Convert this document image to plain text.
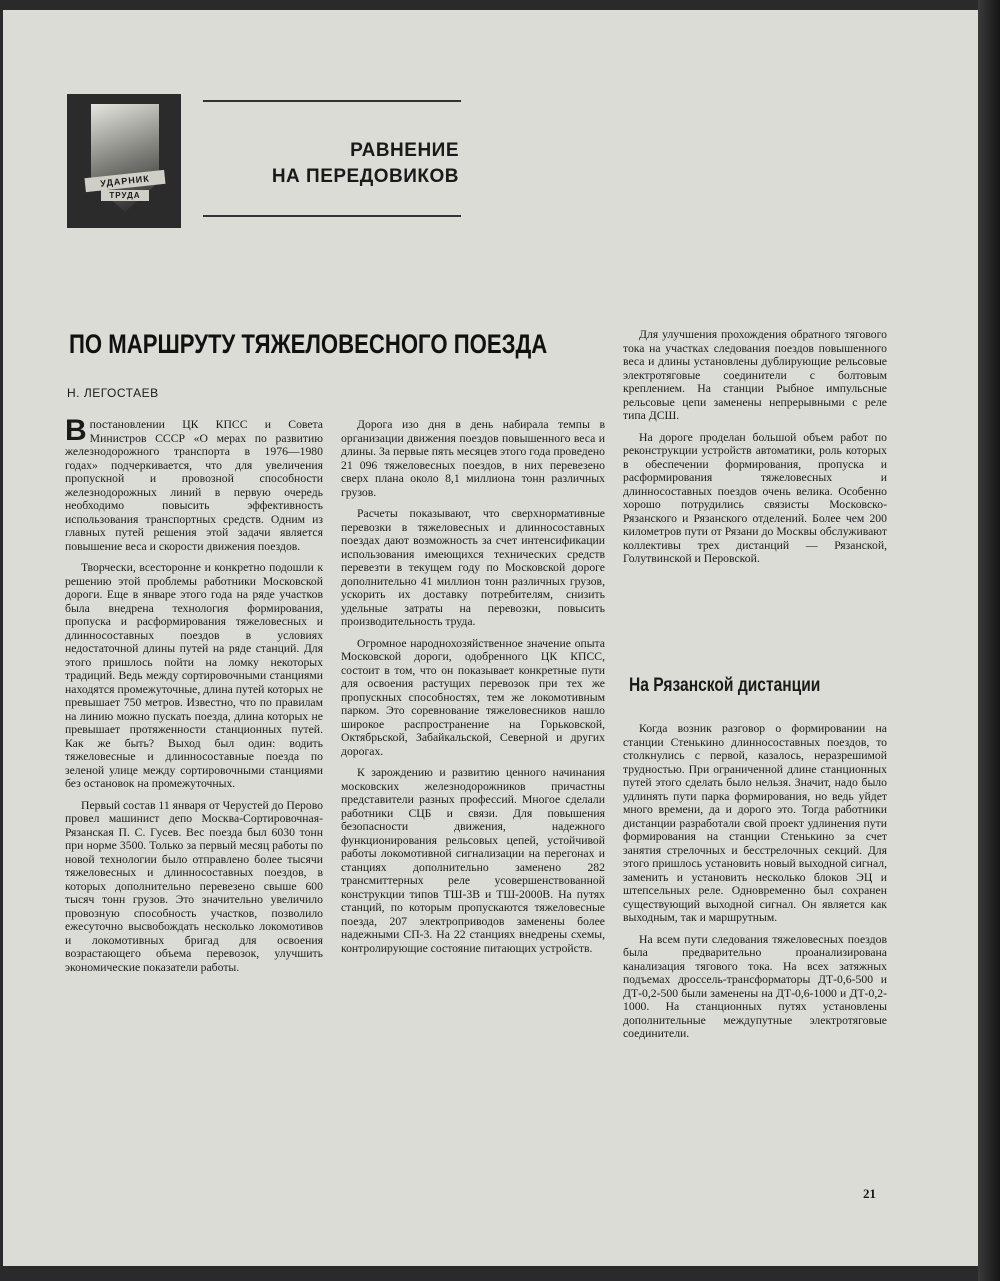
УДАРНИК
ТРУДА
РАВНЕНИЕ
НА ПЕРЕДОВИКОВ
ПО МАРШРУТУ ТЯЖЕЛОВЕСНОГО ПОЕЗДА
Н. ЛЕГОСТАЕВ

В постановлении ЦК КПСС и Совета Министров СССР «О мерах по развитию железнодорожного транспорта в 1976—1980 годах» подчеркивается, что для увеличения пропускной и провозной способности железнодорожных линий в первую очередь необходимо повысить эффективность использования транспортных средств. Одним из главных путей решения этой задачи является повышение веса и скорости движения поездов.

Творчески, всесторонне и конкретно подошли к решению этой проблемы работники Московской дороги. Еще в январе этого года на ряде участков была внедрена технология формирования, пропуска и расформирования тяжеловесных и длинносоставных поездов в условиях недостаточной длины путей на ряде станций. Для этого пришлось пойти на ломку некоторых традиций. Ведь между сортировочными станциями находятся промежуточные, длина путей которых не превышает 750 метров. Известно, что по правилам на линию можно пускать поезда, длина которых не превышает протяженности станционных путей. Как же быть? Выход был один: водить тяжеловесные и длинносоставные поезда по зеленой улице между сортировочными станциями без остановок на промежуточных.

Первый состав 11 января от Черустей до Перово провел машинист депо Москва-Сортировочная-Рязанская П. С. Гусев. Вес поезда был 6030 тонн при норме 3500. Только за первый месяц работы по новой технологии было отправлено более тысячи тяжеловесных и длинносоставных поездов, в которых дополнительно перевезено свыше 600 тысяч тонн грузов. Это значительно увеличило провозную способность участков, позволило ежесуточно высвобождать несколько локомотивов и локомотивных бригад для освоения возрастающего объема перевозок, улучшить экономические показатели работы.

Дорога изо дня в день набирала темпы в организации движения поездов повышенного веса и длины. За первые пять месяцев этого года проведено 21 096 тяжеловесных поездов, в них перевезено сверх плана около 8,1 миллиона тонн различных грузов.

Расчеты показывают, что сверхнормативные перевозки в тяжеловесных и длинносоставных поездах дают возможность за счет интенсификации использования имеющихся технических средств перевезти в текущем году по Московской дороге дополнительно 41 миллион тонн различных грузов, ускорить их доставку потребителям, снизить удельные затраты на перевозки, повысить производительность труда.

Огромное народнохозяйственное значение опыта Московской дороги, одобренного ЦК КПСС, состоит в том, что он показывает конкретные пути для освоения растущих перевозок при тех же пропускных способностях, тем же локомотивным парком. Это соревнование тяжеловесников нашло широкое распространение на Горьковской, Октябрьской, Забайкальской, Северной и других дорогах.

К зарождению и развитию ценного начинания московских железнодорожников причастны представители разных профессий. Многое сделали работники СЦБ и связи. Для повышения безопасности движения, надежного функционирования рельсовых цепей, устойчивой работы локомотивной сигнализации на перегонах и станциях дополнительно заменено 282 трансмиттерных реле усовершенствованной конструкции типов ТШ-3В и ТШ-2000В. На путях станций, по которым пропускаются тяжеловесные поезда, 207 электроприводов заменены более надежными СП-3. На 22 станциях внедрены схемы, контролирующие состояние питающих устройств.

Для улучшения прохождения обратного тягового тока на участках следования поездов повышенного веса и длины установлены дублирующие рельсовые электротяговые соединители с болтовым креплением. На станции Рыбное импульсные рельсовые цепи заменены непрерывными с реле типа ДСШ.

На дороге проделан большой объем работ по реконструкции устройств автоматики, роль которых в обеспечении формирования, пропуска и расформирования тяжеловесных и длинносоставных поездов очень велика. Особенно хорошо потрудились связисты Московско-Рязанского и Рязанского отделений. Более чем 200 километров пути от Рязани до Москвы обслуживают коллективы трех дистанций — Рязанской, Голутвинской и Перовской.

На Рязанской дистанции

Когда возник разговор о формировании на станции Стенькино длинносоставных поездов, то столкнулись с первой, казалось, неразрешимой трудностью. При ограниченной длине станционных путей этого сделать было нельзя. Значит, надо было удлинять пути парка формирования, но ведь уйдет много времени, да и дорого это. Тогда работники дистанции разработали свой проект удлинения пути формирования на станции Стенькино за счет занятия стрелочных и бесстрелочных секций. Для этого пришлось установить новый выходной сигнал, заменить и установить несколько блоков ЭЦ и штепсельных реле. Одновременно был сохранен существующий выходной сигнал. Он является как выходным, так и маршрутным.

На всем пути следования тяжеловесных поездов была предварительно проанализирована канализация тягового тока. На всех затяжных подъемах дроссель-трансформаторы ДТ-0,6-500 и ДТ-0,2-500 были заменены на ДТ-0,6-1000 и ДТ-0,2-1000. На станционных путях установлены дополнительные междупутные электротяговые соединители.

21
